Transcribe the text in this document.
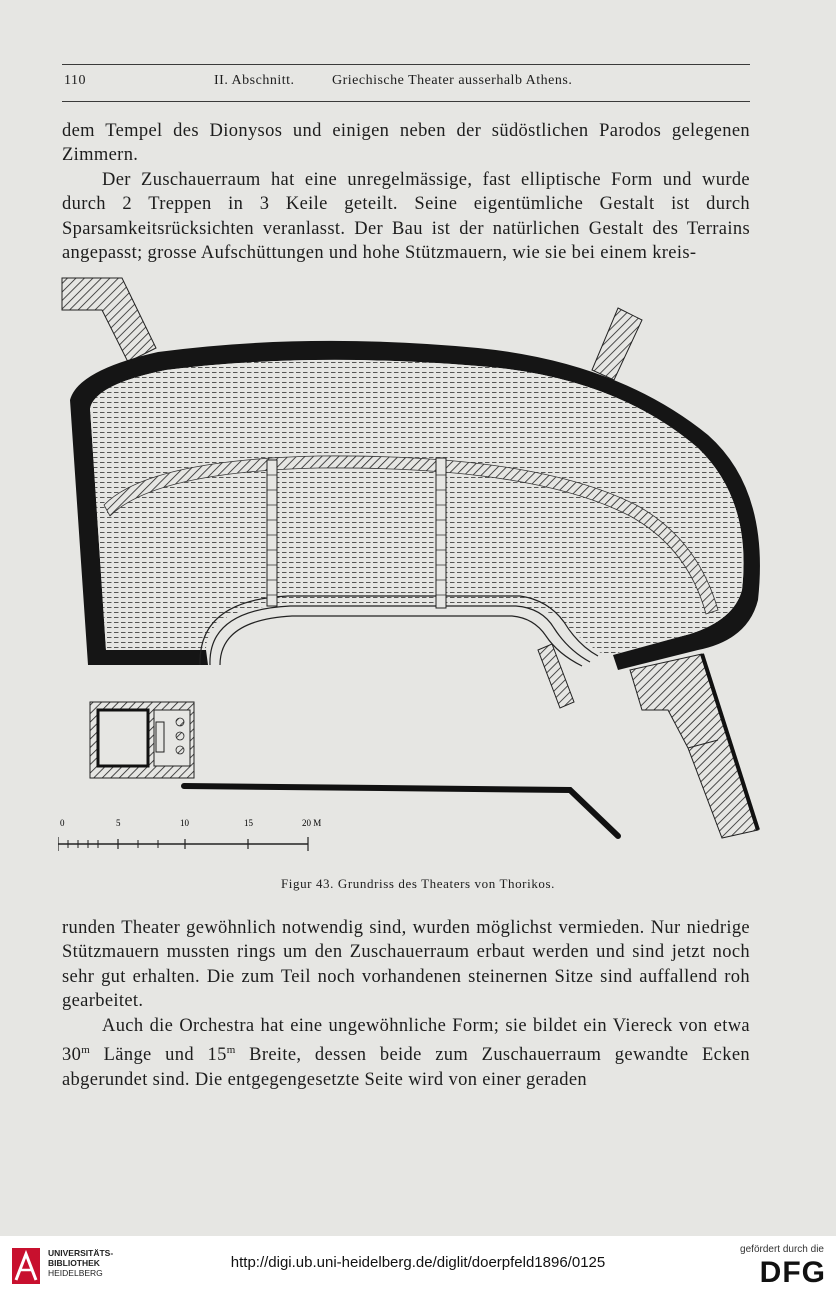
110	II. Abschnitt.	Griechische Theater ausserhalb Athens.

dem Tempel des Dionysos und einigen neben der südöstlichen Parodos gelegenen Zimmern.

Der Zuschauerraum hat eine unregelmässige, fast elliptische Form und wurde durch 2 Treppen in 3 Keile geteilt. Seine eigentümliche Gestalt ist durch Sparsamkeitsrücksichten veranlasst. Der Bau ist der natürlichen Gestalt des Terrains angepasst; grosse Aufschüttungen und hohe Stützmauern, wie sie bei einem kreis-

0	5	10	15	20 M
Figur 43. Grundriss des Theaters von Thorikos.

runden Theater gewöhnlich notwendig sind, wurden möglichst vermieden. Nur niedrige Stützmauern mussten rings um den Zuschauerraum erbaut werden und sind jetzt noch sehr gut erhalten. Die zum Teil noch vorhandenen steinernen Sitze sind auffallend roh gearbeitet.

Auch die Orchestra hat eine ungewöhnliche Form; sie bildet ein Viereck von etwa 30$^m$ Länge und 15$^m$ Breite, dessen beide zum Zuschauerraum gewandte Ecken abgerundet sind. Die entgegengesetzte Seite wird von einer geraden

UNIVERSITÄTS-
BIBLIOTHEK
HEIDELBERG
http://digi.ub.uni-heidelberg.de/diglit/doerpfeld1896/0125
gefördert durch die
DFG
